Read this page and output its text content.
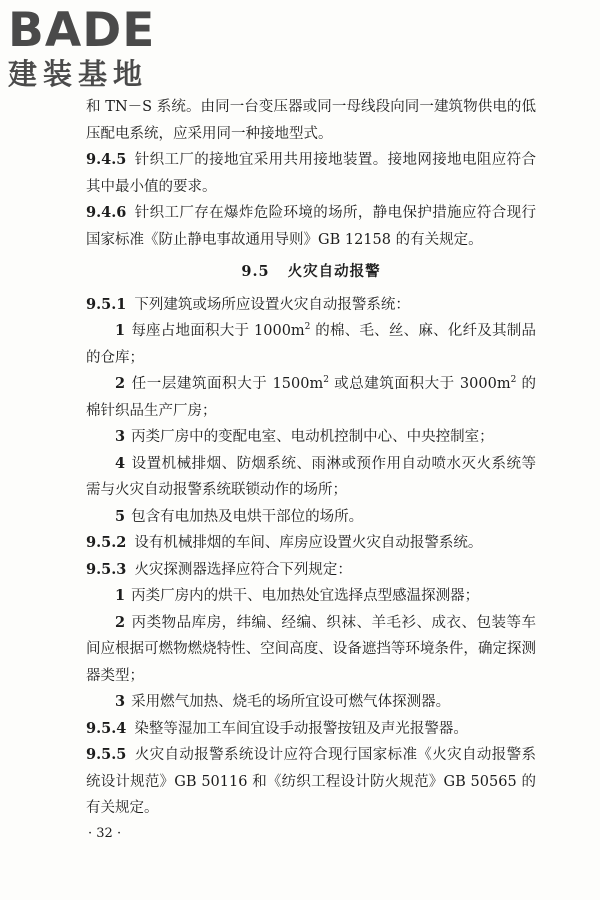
BADE
建装基地

和 TN－S 系统。由同一台变压器或同一母线段向同一建筑物供电的低压配电系统，应采用同一种接地型式。

9.4.5 针织工厂的接地宜采用共用接地装置。接地网接地电阻应符合其中最小值的要求。

9.4.6 针织工厂存在爆炸危险环境的场所，静电保护措施应符合现行国家标准《防止静电事故通用导则》GB 12158 的有关规定。

9.5 火灾自动报警

9.5.1 下列建筑或场所应设置火灾自动报警系统：

1 每座占地面积大于 $1000m^2$ 的棉、毛、丝、麻、化纤及其制品的仓库；

2 任一层建筑面积大于 $1500m^2$ 或总建筑面积大于 $3000m^2$ 的棉针织品生产厂房；

3 丙类厂房中的变配电室、电动机控制中心、中央控制室；

4 设置机械排烟、防烟系统、雨淋或预作用自动喷水灭火系统等需与火灾自动报警系统联锁动作的场所；

5 包含有电加热及电烘干部位的场所。

9.5.2 设有机械排烟的车间、库房应设置火灾自动报警系统。

9.5.3 火灾探测器选择应符合下列规定：

1 丙类厂房内的烘干、电加热处宜选择点型感温探测器；

2 丙类物品库房，纬编、经编、织袜、羊毛衫、成衣、包装等车间应根据可燃物燃烧特性、空间高度、设备遮挡等环境条件，确定探测器类型；

3 采用燃气加热、烧毛的场所宜设可燃气体探测器。

9.5.4 染整等湿加工车间宜设手动报警按钮及声光报警器。

9.5.5 火灾自动报警系统设计应符合现行国家标准《火灾自动报警系统设计规范》GB 50116 和《纺织工程设计防火规范》GB 50565 的有关规定。

· 32 ·
